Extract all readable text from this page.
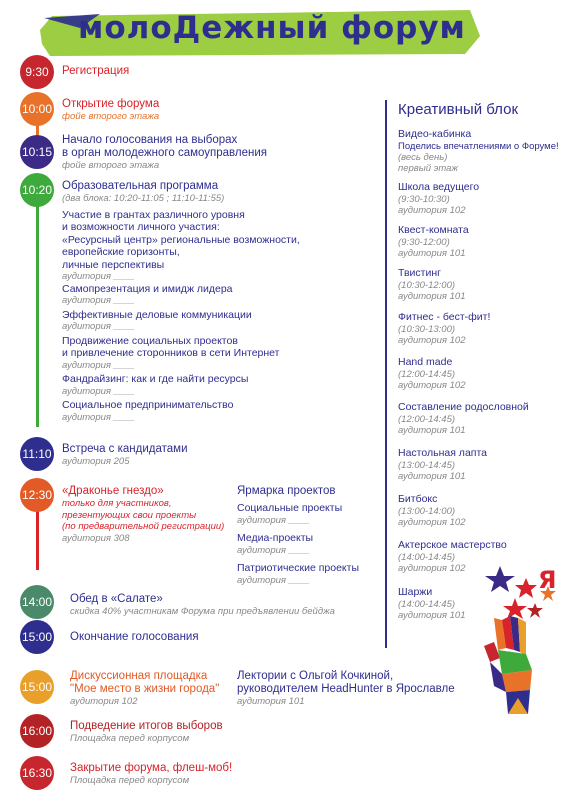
молоДежный форум
9:30	Регистрация
10:00 Открытие форума
фойе второго этажа
10:15
Начало голосования на выборах
в орган молодежного самоуправления
фойе второго этажа
10:20 Образовательная программа
(два блока: 10:20-11:05 ; 11:10-11:55)
Участие в грантах различного уровня
и возможности личного участия:
«Ресурсный центр» региональные возможности,
европейские горизонты,
личные перспективы
аудитория ____
Самопрезентация и имидж лидера
аудитория ____
Эффективные деловые коммуникации
аудитория ____
Продвижение социальных проектов
и привлечение сторонников в сети Интернет
аудитория ____
Фандрайзинг: как и где найти ресурсы
аудитория ____
Социальное предпринимательство
аудитория ____
11:10 Встреча с кандидатами
аудитория 205
12:30 «Драконье гнездо»
только для участников,
презентующих свои проекты
(по предварительной регистрации)
аудитория 308
Ярмарка проектов
Социальные проекты
аудитория ____
Медиа-проекты
аудитория ____
Патриотические проекты
аудитория ____
14:00 Обед в «Салате»
скидка 40% участникам Форума при предъявлении бейджа
15:00 Окончание голосования
15:00
Дискуссионная площадка
"Мое место в жизни города"
аудитория 102
Лектории с Ольгой Кочкиной,
руководителем HeadHunter в Ярославле
аудитория 101
16:00 Подведение итогов выборов
Площадка перед корпусом
16:30 Закрытие форума, флеш-моб!
Площадка перед корпусом
Креативный блок
Видео-кабинка
Поделись впечатлениями о Форуме!
(весь день)
первый этаж
Школа ведущего
(9:30-10:30)
аудитория 102
Квест-комната
(9:30-12:00)
аудитория 101
Твистинг
(10:30-12:00)
аудитория 101
Фитнес - бест-фит!
(10:30-13:00)
аудитория 102
Hand made
(12:00-14:45)
аудитория 102
Составление родословной
(12:00-14:45)
аудитория 101
Настольная лапта
(13:00-14:45)
аудитория 101
Битбокс
(13:00-14:00)
аудитория 102
Актерское мастерство
(14:00-14:45)
аудитория 102
Шаржи
(14:00-14:45)
аудитория 101
Я
